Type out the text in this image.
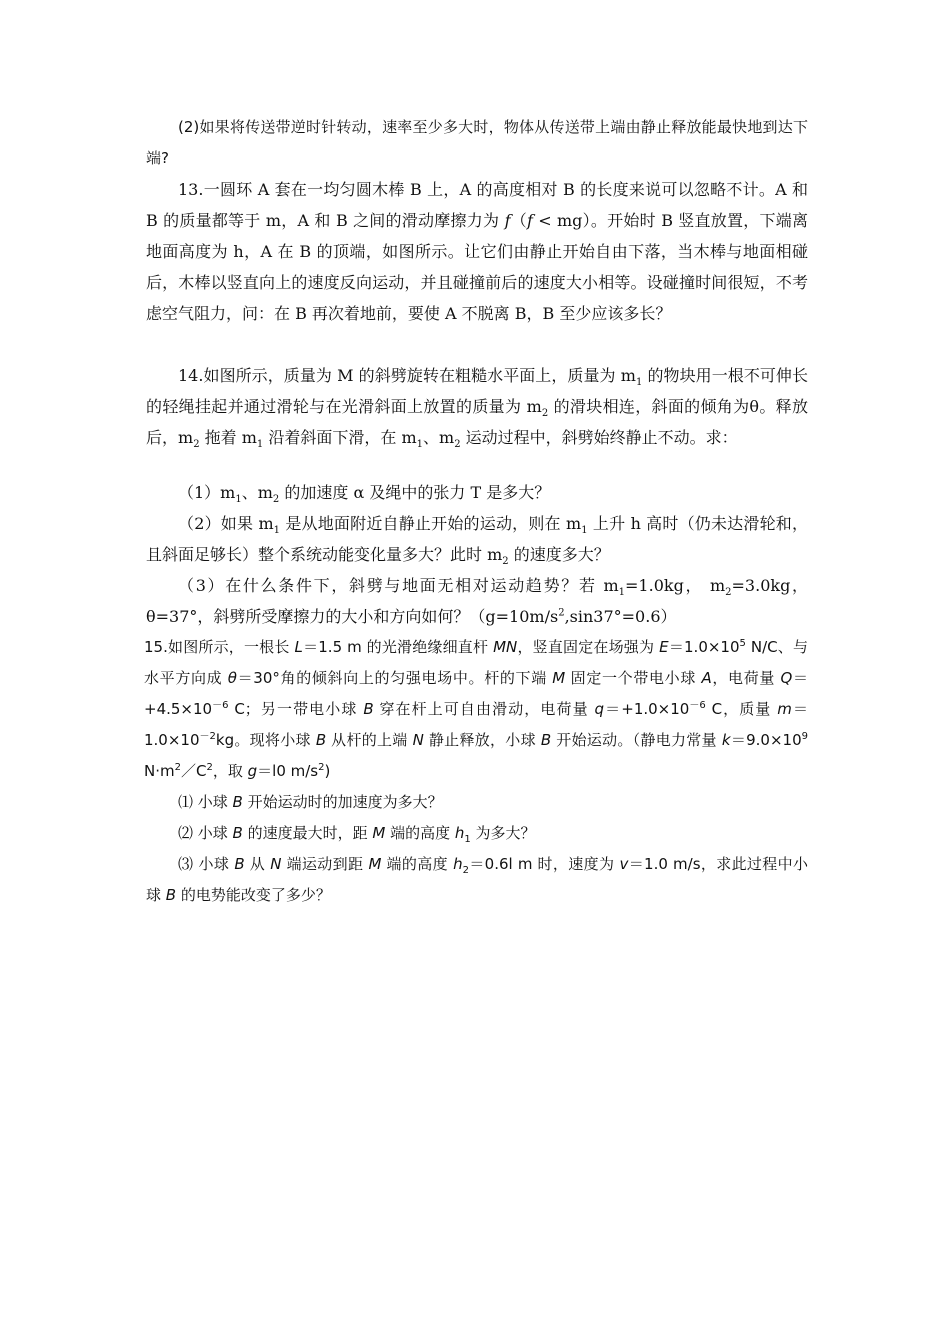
(2)如果将传送带逆时针转动，速率至少多大时，物体从传送带上端由静止释放能最快地到达下端?

13.一圆环 A 套在一均匀圆木棒 B 上，A 的高度相对 B 的长度来说可以忽略不计。A 和 B 的质量都等于 m，A 和 B 之间的滑动摩擦力为 f（f < mg）。开始时 B 竖直放置，下端离地面高度为 h，A 在 B 的顶端，如图所示。让它们由静止开始自由下落，当木棒与地面相碰后，木棒以竖直向上的速度反向运动，并且碰撞前后的速度大小相等。设碰撞时间很短，不考虑空气阻力，问：在 B 再次着地前，要使 A 不脱离 B，B 至少应该多长？

14.如图所示，质量为 M 的斜劈旋转在粗糙水平面上，质量为 $m_1$ 的物块用一根不可伸长的轻绳挂起并通过滑轮与在光滑斜面上放置的质量为 $m_2$ 的滑块相连，斜面的倾角为θ。释放后，$m_2$ 拖着 $m_1$ 沿着斜面下滑，在 $m_1$、$m_2$ 运动过程中，斜劈始终静止不动。求：

$(1)m_1$、$m_2$ 的加速度 α 及绳中的张力 T 是多大？

（2）如果 $m_1$ 是从地面附近自静止开始的运动，则在 $m_1$ 上升 h 高时（仍未达滑轮和，且斜面足够长）整个系统动能变化量多大？此时 $m_2$ 的速度多大？

（3）在什么条件下，斜劈与地面无相对运动趋势？若 $m_1=1.0kg$， $m_2=3.0kg$， θ=37°，斜劈所受摩擦力的大小和方向如何？$(g=10m/s^2,\sin 37^\circ=0.6)$

15.如图所示，一根长 L＝1.5 m 的光滑绝缘细直杆 MN，竖直固定在场强为 $E=1.0\times 10^5$ N/C、与水平方向成 θ＝30°角的倾斜向上的匀强电场中。杆的下端 M 固定一个带电小球 A，电荷量 $Q=+4.5\times 10^{-6}$ C；另一带电小球 B 穿在杆上可自由滑动，电荷量 $q=+1.0\times 10^{-6}$ C，质量 $m=1.0\times 10^{-2}kg$。现将小球 B 从杆的上端 N 静止释放，小球 B 开始运动。（静电力常量 $k=9.0\times 10^9$ $N\cdot m^2/C^2$，取 g＝l0 $m/s^2$)

⑴ 小球 B 开始运动时的加速度为多大？

⑵ 小球 B 的速度最大时，距 M 端的高度 $h_1$ 为多大？

⑶ 小球 B 从 N 端运动到距 M 端的高度 $h_2=0.6l$ m 时，速度为 v＝1.0 m/s，求此过程中小球 B 的电势能改变了多少？
